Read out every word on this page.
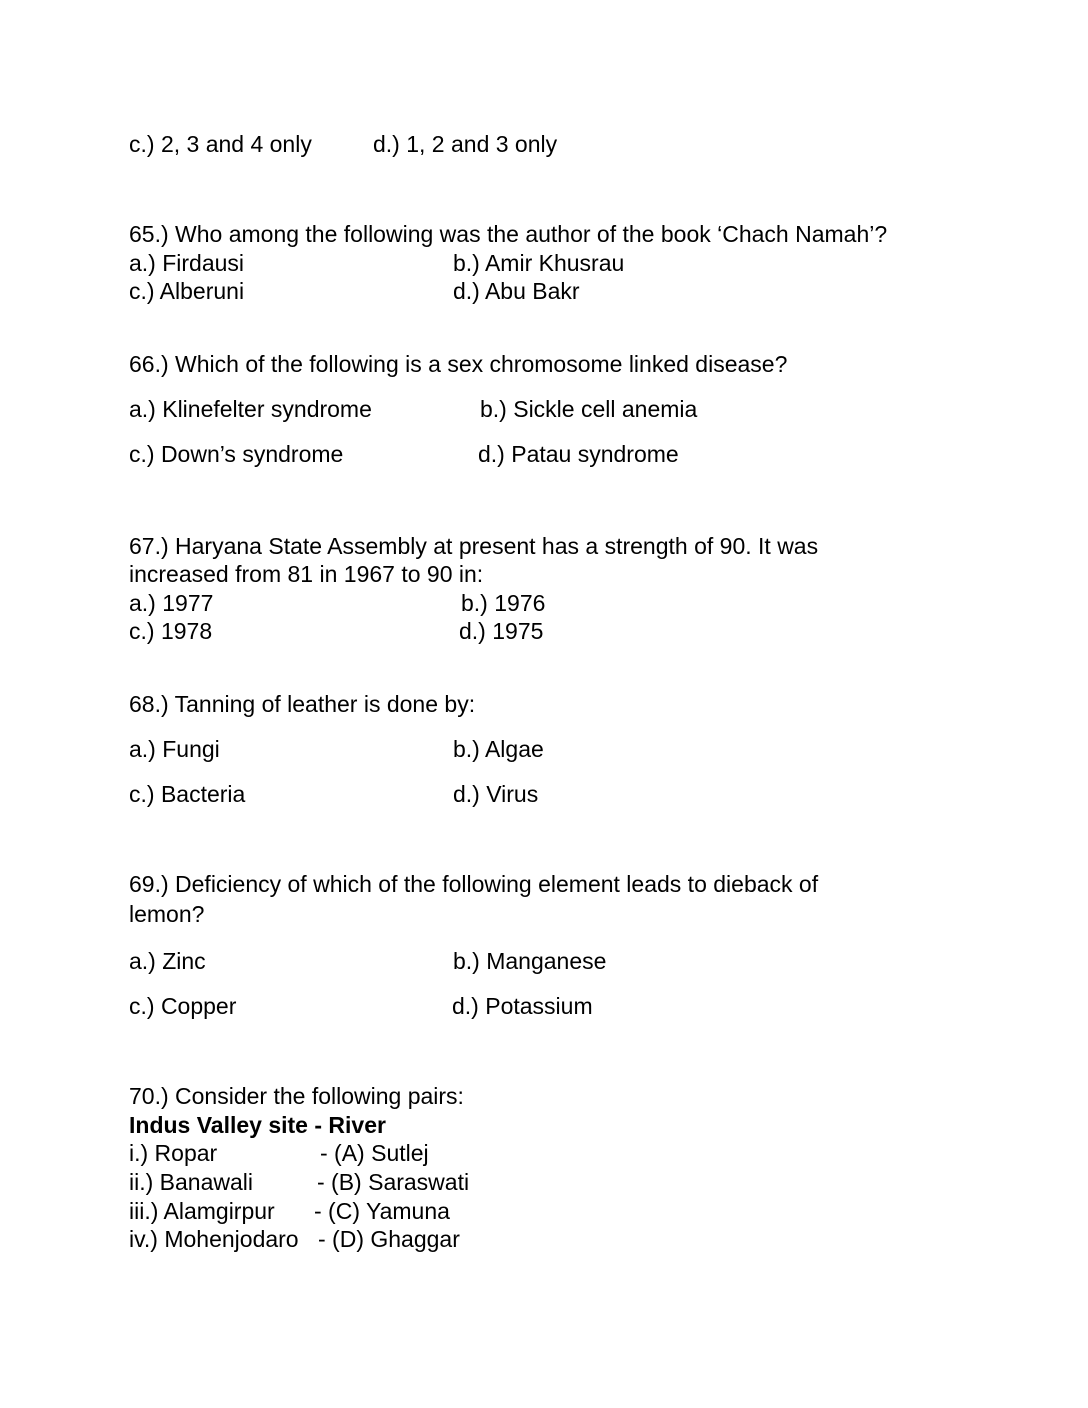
c.) 2, 3 and 4 only	d.) 1, 2 and 3 only
65.) Who among the following was the author of the book ‘Chach Namah’?
a.) Firdausi	b.) Amir Khusrau
c.) Alberuni	d.) Abu Bakr
66.) Which of the following is a sex chromosome linked disease?
a.) Klinefelter syndrome	b.) Sickle cell anemia
c.) Down’s syndrome	d.) Patau syndrome
67.) Haryana State Assembly at present has a strength of 90. It was
increased from 81 in 1967 to 90 in:
a.) 1977	b.) 1976
c.) 1978	d.) 1975
68.) Tanning of leather is done by:
a.) Fungi	b.) Algae
c.) Bacteria	d.) Virus
69.) Deficiency of which of the following element leads to dieback of
lemon?
a.) Zinc	b.) Manganese
c.) Copper	d.) Potassium
70.) Consider the following pairs:
Indus Valley site - River
i.) Ropar	- (A) Sutlej
ii.) Banawali	- (B) Saraswati
iii.) Alamgirpur - (C) Yamuna
iv.) Mohenjodaro - (D) Ghaggar
